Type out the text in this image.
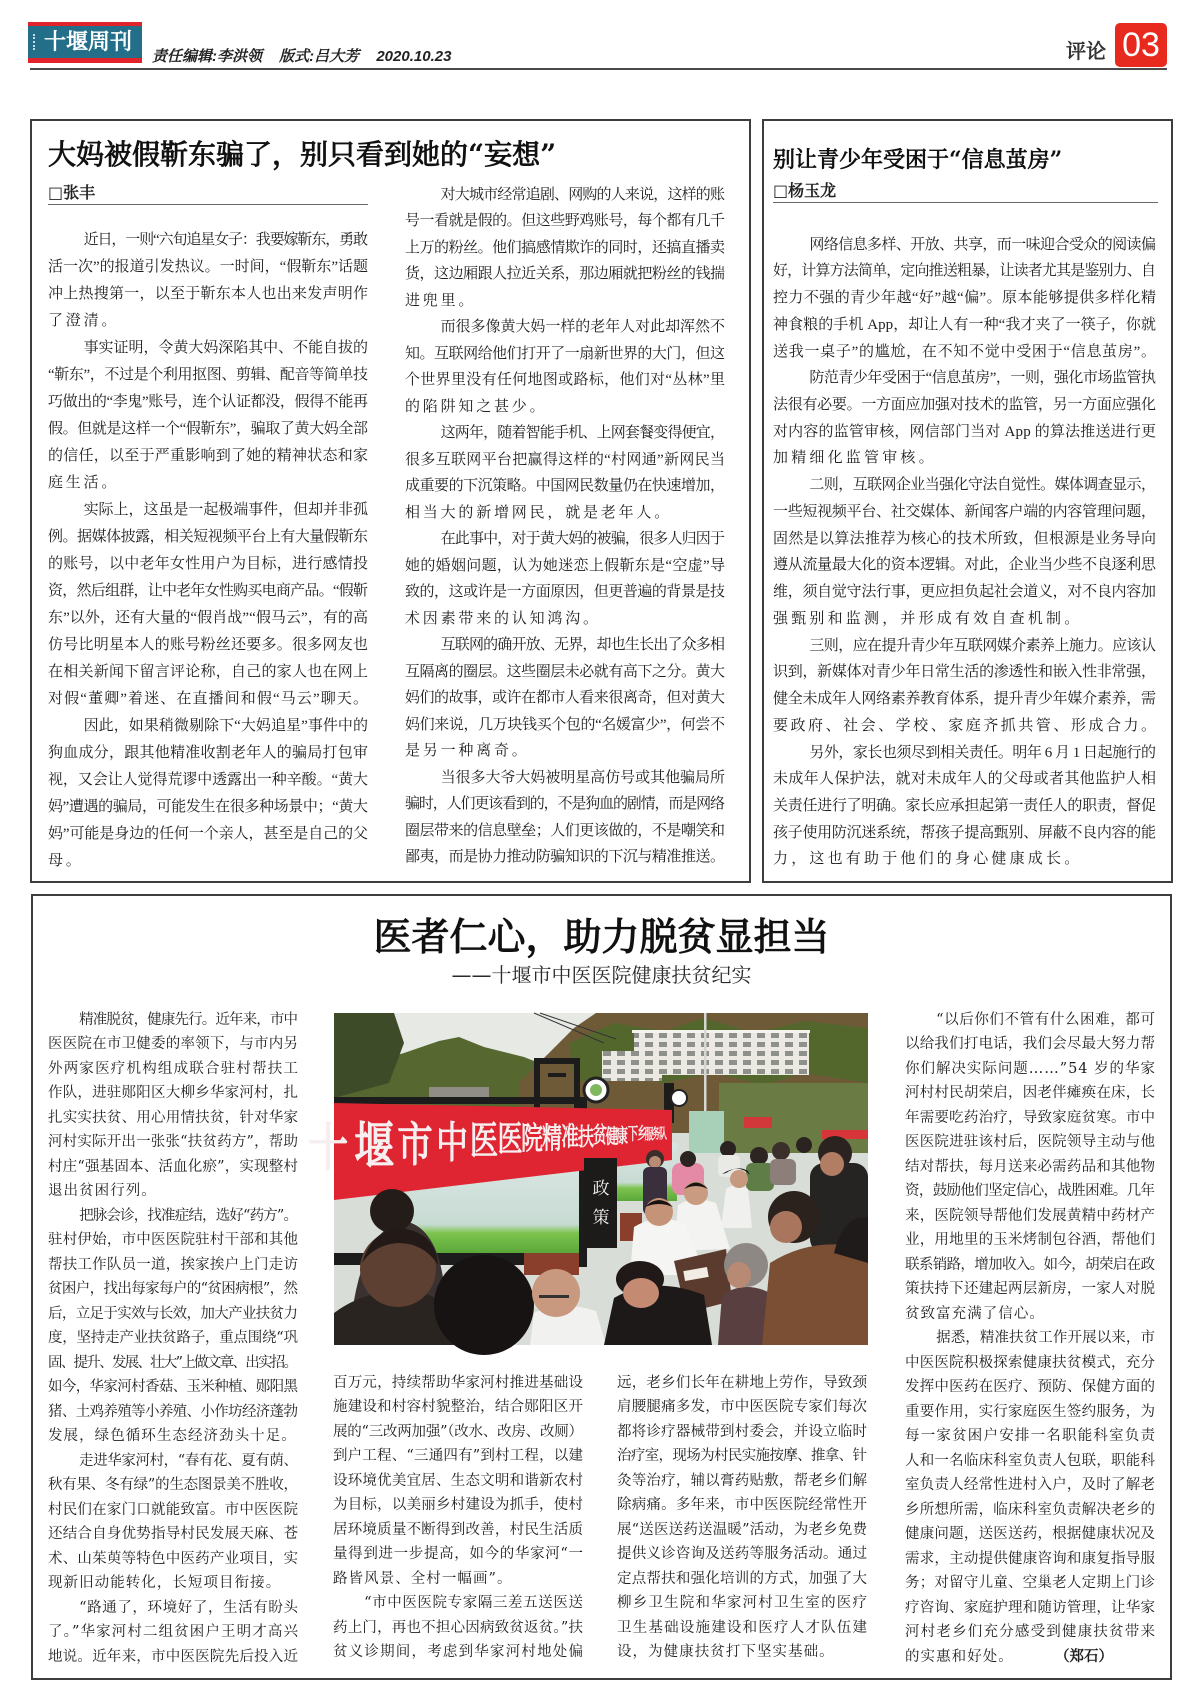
十堰周刊
责任编辑:李洪领 版式:吕大芳 2020.10.23	评论 03
大妈被假靳东骗了，别只看到她的“妄想”
□张丰
近日，一则“六旬追星女子：我要嫁靳东，勇敢
活一次”的报道引发热议。一时间，“假靳东”话题
冲上热搜第一，以至于靳东本人也出来发声明作
了澄清。
事实证明，令黄大妈深陷其中、不能自拔的
“靳东”，不过是个利用抠图、剪辑、配音等简单技
巧做出的“李鬼”账号，连个认证都没，假得不能再
假。但就是这样一个“假靳东”，骗取了黄大妈全部
的信任，以至于严重影响到了她的精神状态和家
庭生活。
实际上，这虽是一起极端事件，但却并非孤
例。据媒体披露，相关短视频平台上有大量假靳东
的账号，以中老年女性用户为目标，进行感情投
资，然后组群，让中老年女性购买电商产品。“假靳
东”以外，还有大量的“假肖战”“假马云”，有的高
仿号比明星本人的账号粉丝还要多。很多网友也
在相关新闻下留言评论称，自己的家人也在网上
对假“董卿”着迷、在直播间和假“马云”聊天。
因此，如果稍微剔除下“大妈追星”事件中的
狗血成分，跟其他精准收割老年人的骗局打包审
视，又会让人觉得荒谬中透露出一种辛酸。“黄大
妈”遭遇的骗局，可能发生在很多种场景中；“黄大
妈”可能是身边的任何一个亲人，甚至是自己的父
母。
对大城市经常追剧、网购的人来说，这样的账
号一看就是假的。但这些野鸡账号，每个都有几千
上万的粉丝。他们搞感情欺诈的同时，还搞直播卖
货，这边厢跟人拉近关系，那边厢就把粉丝的钱揣
进兜里。
而很多像黄大妈一样的老年人对此却浑然不
知。互联网给他们打开了一扇新世界的大门，但这
个世界里没有任何地图或路标，他们对“丛林”里
的陷阱知之甚少。
这两年，随着智能手机、上网套餐变得便宜，
很多互联网平台把赢得这样的“村网通”新网民当
成重要的下沉策略。中国网民数量仍在快速增加，
相当大的新增网民，就是老年人。
在此事中，对于黄大妈的被骗，很多人归因于
她的婚姻问题，认为她迷恋上假靳东是“空虚”导
致的，这或许是一方面原因，但更普遍的背景是技
术因素带来的认知鸿沟。
互联网的确开放、无界，却也生长出了众多相
互隔离的圈层。这些圈层未必就有高下之分。黄大
妈们的故事，或许在都市人看来很离奇，但对黄大
妈们来说，几万块钱买个包的“名媛富少”，何尝不
是另一种离奇。
当很多大爷大妈被明星高仿号或其他骗局所
骗时，人们更该看到的，不是狗血的剧情，而是网络
圈层带来的信息壁垒；人们更该做的，不是嘲笑和
鄙夷，而是协力推动防骗知识的下沉与精准推送。
别让青少年受困于“信息茧房”
□杨玉龙
网络信息多样、开放、共享，而一味迎合受众的阅读偏
好，计算方法简单，定向推送粗暴，让读者尤其是鉴别力、自
控力不强的青少年越“好”越“偏”。原本能够提供多样化精
神食粮的手机 App，却让人有一种“我才夹了一筷子，你就
送我一桌子”的尴尬，在不知不觉中受困于“信息茧房”。
防范青少年受困于“信息茧房”，一则，强化市场监管执
法很有必要。一方面应加强对技术的监管，另一方面应强化
对内容的监管审核，网信部门当对 App 的算法推送进行更
加精细化监管审核。
二则，互联网企业当强化守法自觉性。媒体调查显示，
一些短视频平台、社交媒体、新闻客户端的内容管理问题，
固然是以算法推荐为核心的技术所致，但根源是业务导向
遵从流量最大化的资本逻辑。对此，企业当少些不良逐利思
维，须自觉守法行事，更应担负起社会道义，对不良内容加
强甄别和监测，并形成有效自查机制。
三则，应在提升青少年互联网媒介素养上施力。应该认
识到，新媒体对青少年日常生活的渗透性和嵌入性非常强，
健全未成年人网络素养教育体系，提升青少年媒介素养，需
要政府、社会、学校、家庭齐抓共管、形成合力。
另外，家长也须尽到相关责任。明年 6 月 1 日起施行的
未成年人保护法，就对未成年人的父母或者其他监护人相
关责任进行了明确。家长应承担起第一责任人的职责，督促
孩子使用防沉迷系统，帮孩子提高甄别、屏蔽不良内容的能
力，这也有助于他们的身心健康成长。
医者仁心，助力脱贫显担当
——十堰市中医医院健康扶贫纪实
精准脱贫，健康先行。近年来，市中
医医院在市卫健委的率领下，与市内另
外两家医疗机构组成联合驻村帮扶工
作队，进驻郧阳区大柳乡华家河村，扎
扎实实扶贫、用心用情扶贫，针对华家
河村实际开出一张张“扶贫药方”，帮助
村庄“强基固本、活血化瘀”，实现整村
退出贫困行列。
把脉会诊，找准症结，选好“药方”。
驻村伊始，市中医医院驻村干部和其他
帮扶工作队员一道，挨家挨户上门走访
贫困户，找出每家每户的“贫困病根”，然
后，立足于实效与长效，加大产业扶贫力
度，坚持走产业扶贫路子，重点围绕“巩
固、提升、发展、壮大”上做文章、出实招。
如今，华家河村香菇、玉米种植、郧阳黑
猪、土鸡养殖等小养殖、小作坊经济蓬勃
发展，绿色循环生态经济劲头十足。
走进华家河村，“春有花、夏有荫、
秋有果、冬有绿”的生态图景美不胜收，
村民们在家门口就能致富。市中医医院
还结合自身优势指导村民发展天麻、苍
术、山茱萸等特色中医药产业项目，实
现新旧动能转化，长短项目衔接。
“路通了，环境好了，生活有盼头
了。”华家河村二组贫困户王明才高兴
地说。近年来，市中医医院先后投入近
十 堰 市 中 医 医
院 精 准 扶
贫
健
康 下 乡
服
务 队
政
策
百万元，持续帮助华家河村推进基础设
施建设和村容村貌整治，结合郧阳区开
展的“三改两加强”（改水、改房、改厕）
到户工程、“三通四有”到村工程，以建
设环境优美宜居、生态文明和谐新农村
为目标，以美丽乡村建设为抓手，使村
居环境质量不断得到改善，村民生活质
量得到进一步提高，如今的华家河“一
路皆风景、全村一幅画”。
“市中医医院专家隔三差五送医送
药上门，再也不担心因病致贫返贫。”扶
贫义诊期间，考虑到华家河村地处偏
远，老乡们长年在耕地上劳作，导致颈
肩腰腿痛多发，市中医医院专家们每次
都将诊疗器械带到村委会，并设立临时
治疗室，现场为村民实施按摩、推拿、针
灸等治疗，辅以膏药贴敷，帮老乡们解
除病痛。多年来，市中医医院经常性开
展“送医送药送温暖”活动，为老乡免费
提供义诊咨询及送药等服务活动。通过
定点帮扶和强化培训的方式，加强了大
柳乡卫生院和华家河村卫生室的医疗
卫生基础设施建设和医疗人才队伍建
设，为健康扶贫打下坚实基础。
“以后你们不管有什么困难，都可
以给我们打电话，我们会尽最大努力帮
你们解决实际问题……”54 岁的华家
河村村民胡荣启，因老伴瘫痪在床，长
年需要吃药治疗，导致家庭贫寒。市中
医医院进驻该村后，医院领导主动与他
结对帮扶，每月送来必需药品和其他物
资，鼓励他们坚定信心，战胜困难。几年
来，医院领导帮他们发展黄精中药材产
业，用地里的玉米烤制包谷酒，帮他们
联系销路，增加收入。如今，胡荣启在政
策扶持下还建起两层新房，一家人对脱
贫致富充满了信心。
据悉，精准扶贫工作开展以来，市
中医医院积极探索健康扶贫模式，充分
发挥中医药在医疗、预防、保健方面的
重要作用，实行家庭医生签约服务，为
每一家贫困户安排一名职能科室负责
人和一名临床科室负责人包联，职能科
室负责人经常性进村入户，及时了解老
乡所想所需，临床科室负责解决老乡的
健康问题，送医送药，根据健康状况及
需求，主动提供健康咨询和康复指导服
务；对留守儿童、空巢老人定期上门诊
疗咨询、家庭护理和随访管理，让华家
河村老乡们充分感受到健康扶贫带来
的实惠和好处。	（郑石）
